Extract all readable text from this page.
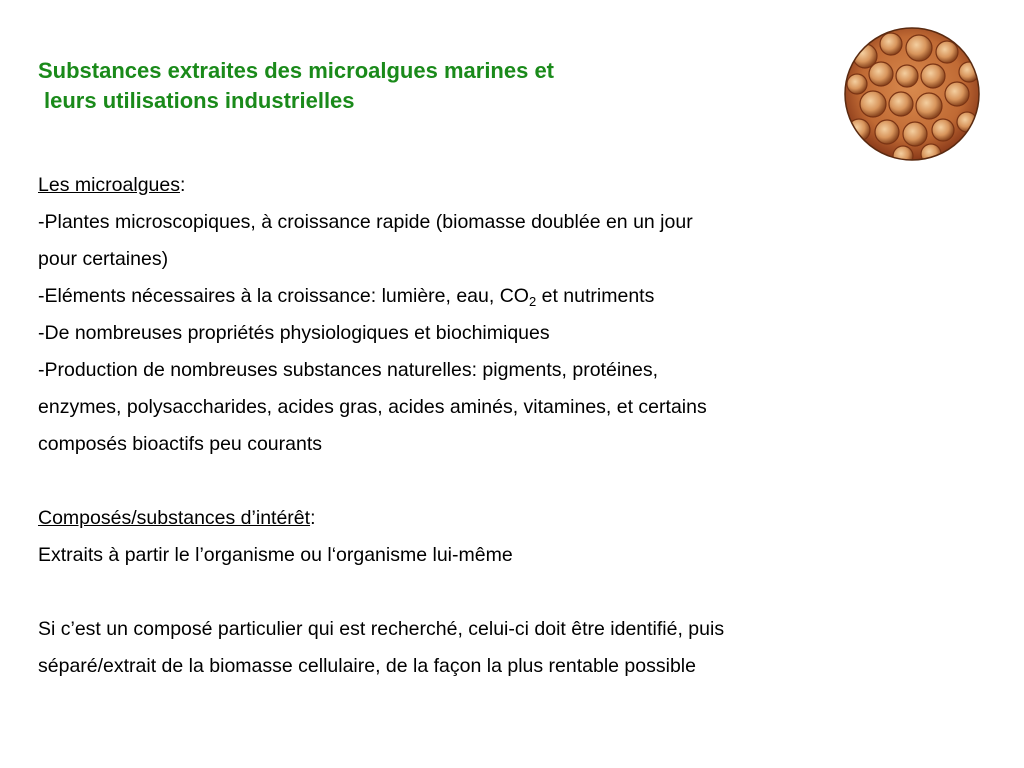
Substances extraites des microalgues marines et
leurs utilisations industrielles
Les microalgues:
-Plantes microscopiques, à croissance rapide (biomasse doublée en un jour
pour certaines)
-Eléments nécessaires à la croissance: lumière, eau, $CO_2$ et nutriments
-De nombreuses propriétés physiologiques et biochimiques
-Production de nombreuses substances naturelles: pigments, protéines,
enzymes, polysaccharides, acides gras, acides aminés, vitamines, et certains
composés bioactifs peu courants
Composés/substances d’intérêt:
Extraits à partir le l’organisme ou l‘organisme lui-même
Si c’est un composé particulier qui est recherché, celui-ci doit être identifié, puis
séparé/extrait de la biomasse cellulaire, de la façon la plus rentable possible
